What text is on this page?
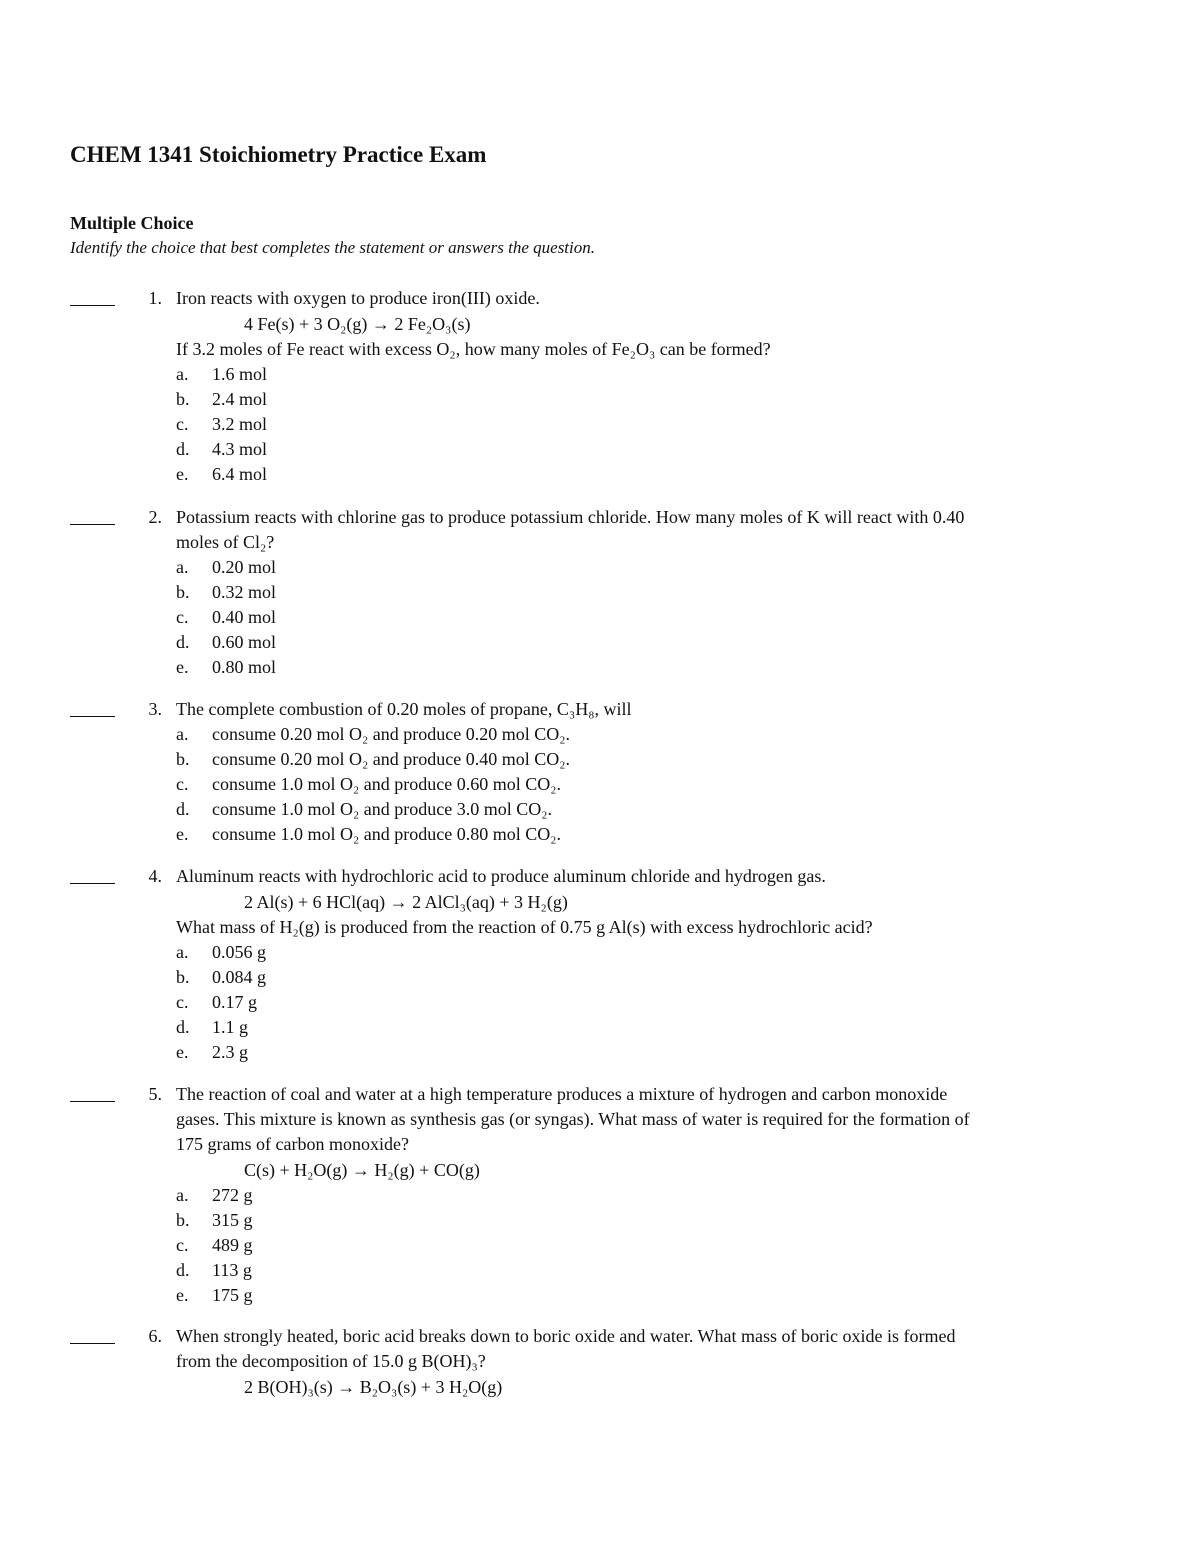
CHEM 1341 Stoichiometry Practice Exam
Multiple Choice
Identify the choice that best completes the statement or answers the question.
1. Iron reacts with oxygen to produce iron(III) oxide.
4 Fe(s) + 3 O₂(g) → 2 Fe₂O₃(s)
If 3.2 moles of Fe react with excess O₂, how many moles of Fe₂O₃ can be formed?
a. 1.6 mol
b. 2.4 mol
c. 3.2 mol
d. 4.3 mol
e. 6.4 mol
2. Potassium reacts with chlorine gas to produce potassium chloride. How many moles of K will react with 0.40
moles of Cl₂?
a. 0.20 mol
b. 0.32 mol
c. 0.40 mol
d. 0.60 mol
e. 0.80 mol
3. The complete combustion of 0.20 moles of propane, C₃H₈, will
a. consume 0.20 mol O₂ and produce 0.20 mol CO₂.
b. consume 0.20 mol O₂ and produce 0.40 mol CO₂.
c. consume 1.0 mol O₂ and produce 0.60 mol CO₂.
d. consume 1.0 mol O₂ and produce 3.0 mol CO₂.
e. consume 1.0 mol O₂ and produce 0.80 mol CO₂.
4. Aluminum reacts with hydrochloric acid to produce aluminum chloride and hydrogen gas.
2 Al(s) + 6 HCl(aq) → 2 AlCl₃(aq) + 3 H₂(g)
What mass of H₂(g) is produced from the reaction of 0.75 g Al(s) with excess hydrochloric acid?
a. 0.056 g
b. 0.084 g
c. 0.17 g
d. 1.1 g
e. 2.3 g
5. The reaction of coal and water at a high temperature produces a mixture of hydrogen and carbon monoxide
gases. This mixture is known as synthesis gas (or syngas). What mass of water is required for the formation of
175 grams of carbon monoxide?
C(s) + H₂O(g) → H₂(g) + CO(g)
a. 272 g
b. 315 g
c. 489 g
d. 113 g
e. 175 g
6. When strongly heated, boric acid breaks down to boric oxide and water. What mass of boric oxide is formed
from the decomposition of 15.0 g B(OH)₃?
2 B(OH)₃(s) → B₂O₃(s) + 3 H₂O(g)
